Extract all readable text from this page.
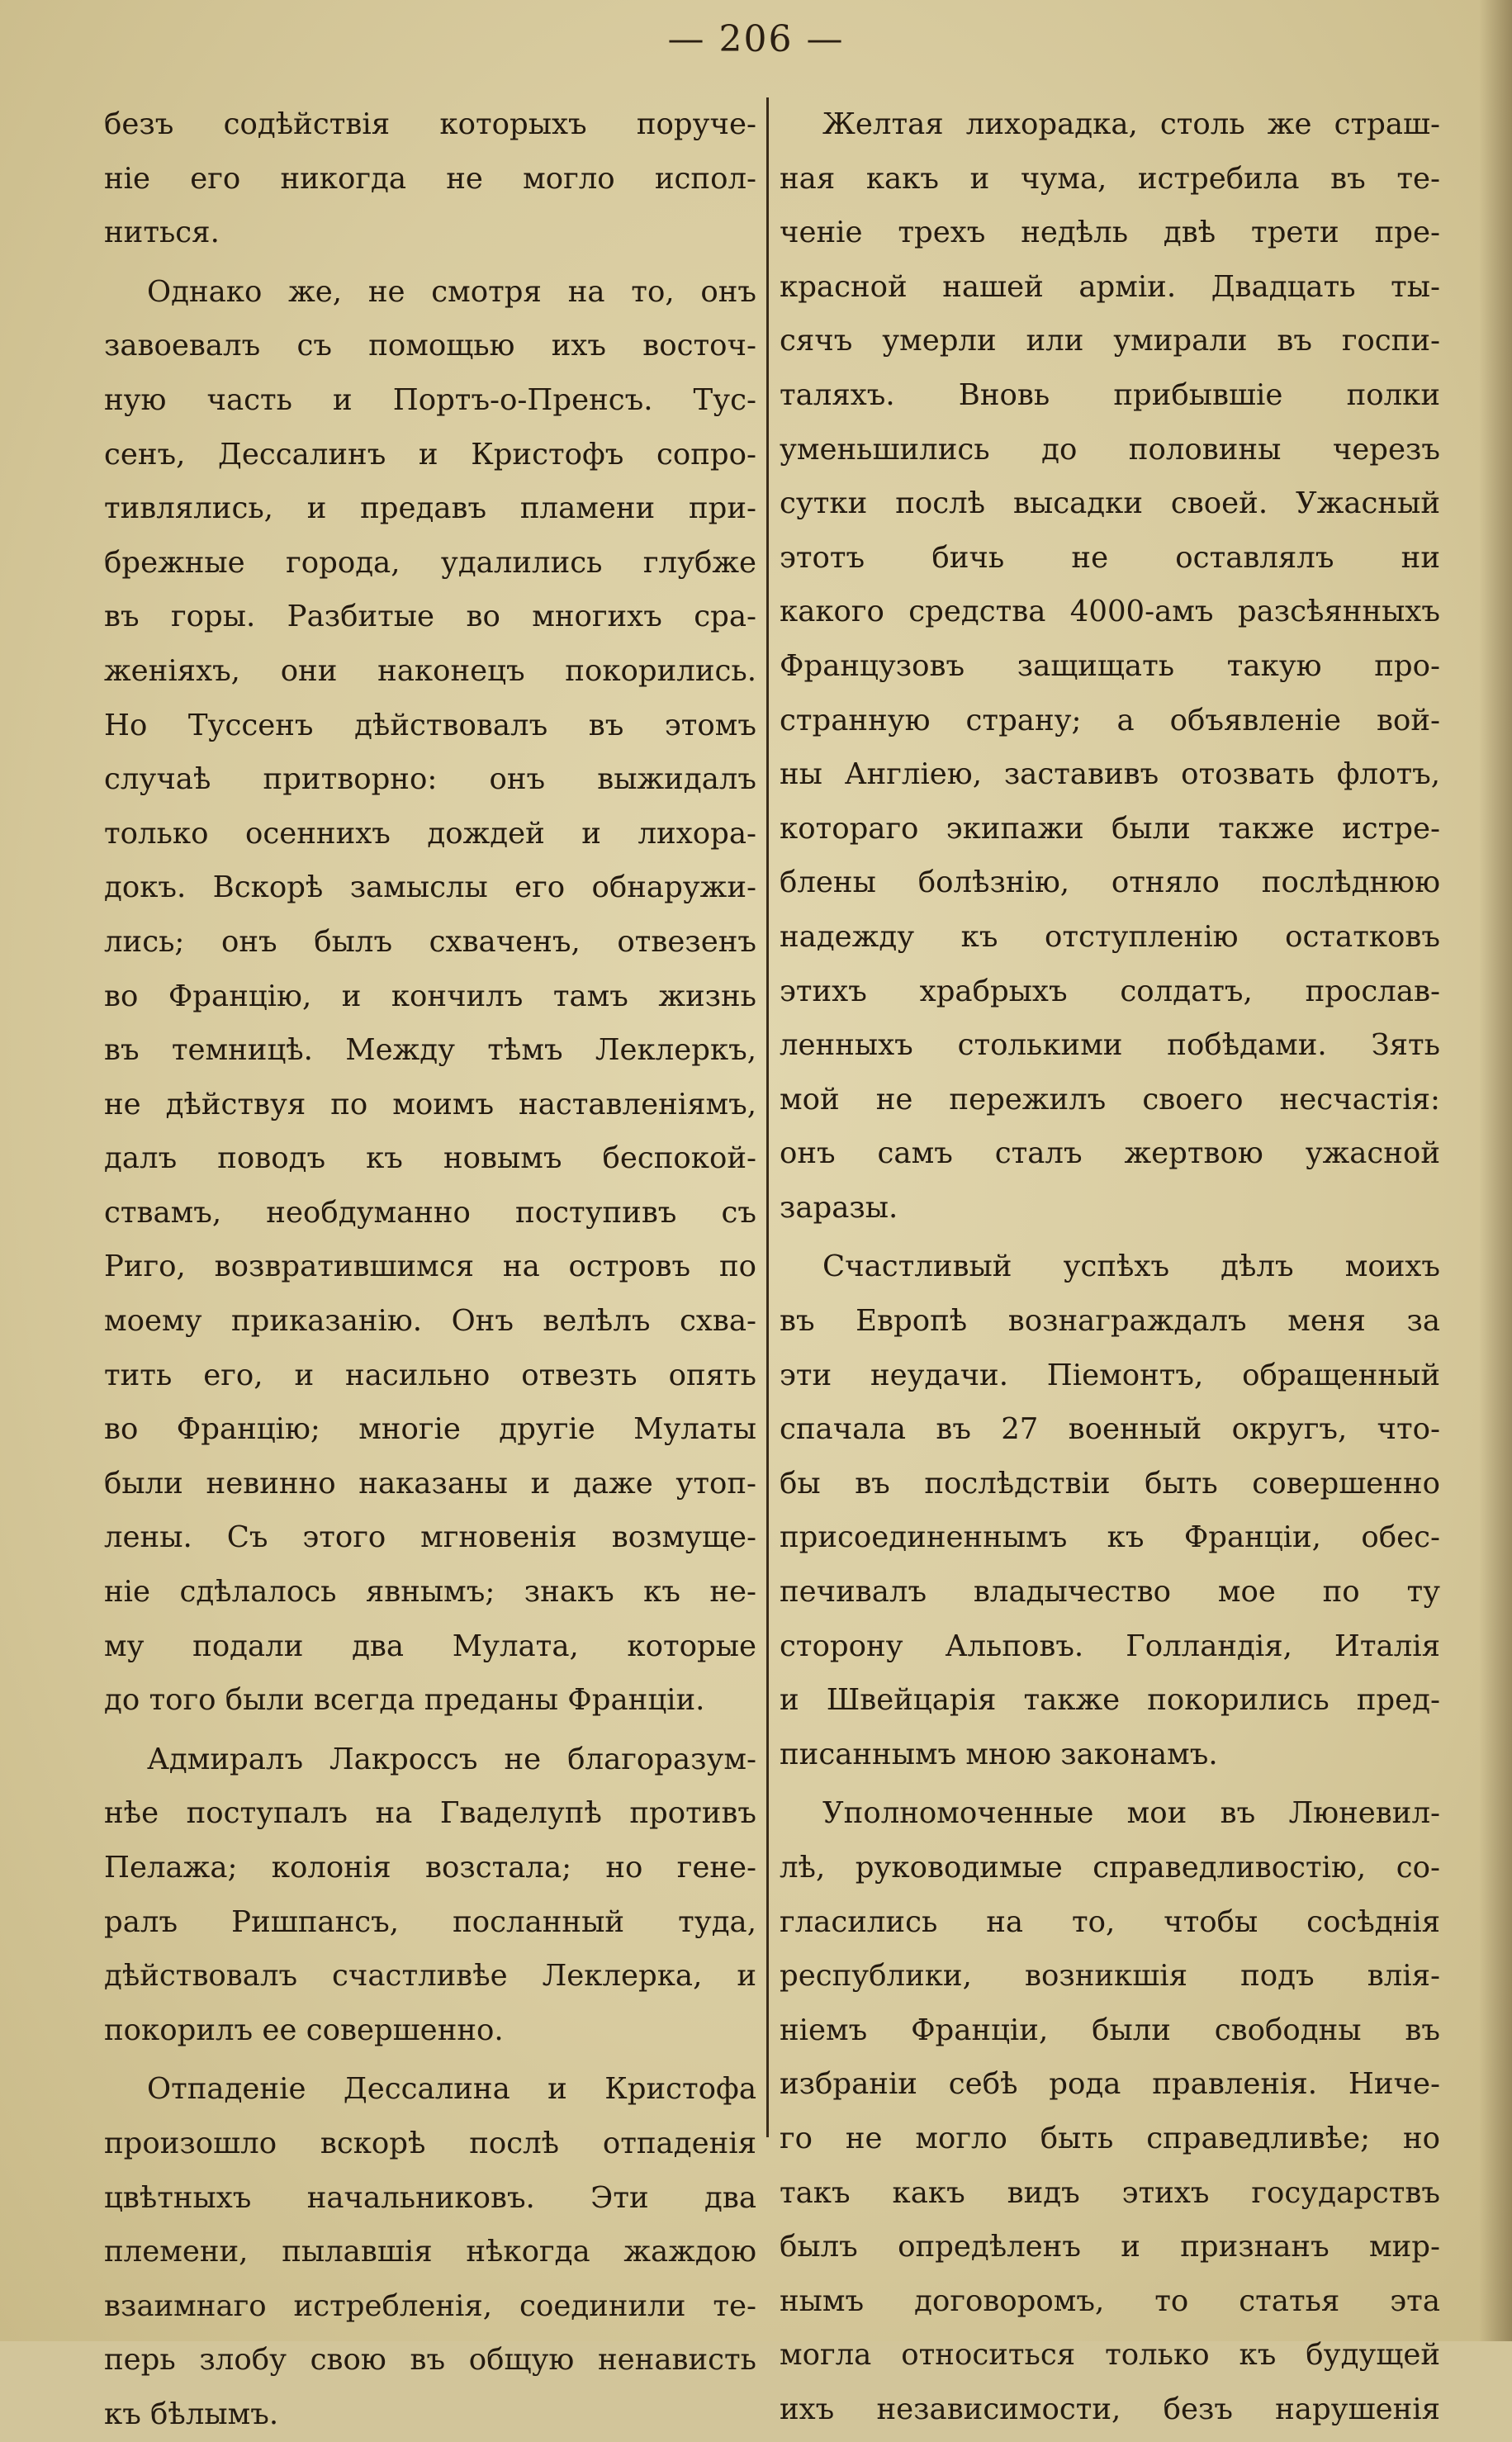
— 206 —
безъ содѣйствія которыхъ поруче-
ніе его никогда не могло испол-
ниться.
Однако же, не смотря на то, онъ
завоевалъ съ помощью ихъ восточ-
ную часть и Портъ-о-Пренсъ. Тус-
сенъ, Дессалинъ и Кристофъ сопро-
тивлялись, и предавъ пламени при-
брежные города, удалились глубже
въ горы. Разбитые во многихъ сра-
женіяхъ, они наконецъ покорились.
Но Туссенъ дѣйствовалъ въ этомъ
случаѣ притворно: онъ выжидалъ
только осеннихъ дождей и лихора-
докъ. Вскорѣ замыслы его обнаружи-
лись; онъ былъ схваченъ, отвезенъ
во Францію, и кончилъ тамъ жизнь
въ темницѣ. Между тѣмъ Леклеркъ,
не дѣйствуя по моимъ наставленіямъ,
далъ поводъ къ новымъ беспокой-
ствамъ, необдуманно поступивъ съ
Риго, возвратившимся на островъ по
моему приказанію. Онъ велѣлъ схва-
тить его, и насильно отвезть опять
во Францію; многіе другіе Мулаты
были невинно наказаны и даже утоп-
лены. Съ этого мгновенія возмуще-
ніе сдѣлалось явнымъ; знакъ къ не-
му подали два Мулата, которые
до того были всегда преданы Франціи.
Адмиралъ Лакроссъ не благоразум-
нѣе поступалъ на Гваделупѣ противъ
Пелажа; колонія возстала; но гене-
ралъ Ришпансъ, посланный туда,
дѣйствовалъ счастливѣе Леклерка, и
покорилъ ее совершенно.
Отпаденіе Дессалина и Кристофа
произошло вскорѣ послѣ отпаденія
цвѣтныхъ начальниковъ. Эти два
племени, пылавшія нѣкогда жаждою
взаимнаго истребленія, соединили те-
перь злобу свою въ общую ненависть
къ бѣлымъ.
Желтая лихорадка, столь же страш-
ная какъ и чума, истребила въ те-
ченіе трехъ недѣль двѣ трети пре-
красной нашей арміи. Двадцать ты-
сячъ умерли или умирали въ госпи-
таляхъ. Вновь прибывшіе полки
уменьшились до половины черезъ
сутки послѣ высадки своей. Ужасный
этотъ бичь не оставлялъ ни
какого средства 4000-амъ разсѣянныхъ
Французовъ защищать такую про-
странную страну; а объявленіе вой-
ны Англіею, заставивъ отозвать флотъ,
котораго экипажи были также истре-
блены болѣзнію, отняло послѣднюю
надежду къ отступленію остатковъ
этихъ храбрыхъ солдатъ, прослав-
ленныхъ столькими побѣдами. Зять
мой не пережилъ своего несчастія:
онъ самъ сталъ жертвою ужасной
заразы.
Счастливый успѣхъ дѣлъ моихъ
въ Европѣ вознаграждалъ меня за
эти неудачи. Піемонтъ, обращенный
спачала въ 27 военный округъ, что-
бы въ послѣдствіи быть совершенно
присоединеннымъ къ Франціи, обес-
печивалъ владычество мое по ту
сторону Альповъ. Голландія, Италія
и Швейцарія также покорились пред-
писаннымъ мною законамъ.
Уполномоченные мои въ Люневил-
лѣ, руководимые справедливостію, со-
гласились на то, чтобы сосѣднія
республики, возникшія подъ влія-
ніемъ Франціи, были свободны въ
избраніи себѣ рода правленія. Ниче-
го не могло быть справедливѣе; но
такъ какъ видъ этихъ государствъ
былъ опредѣленъ и признанъ мир-
нымъ договоромъ, то статья эта
могла относиться только къ будущей
ихъ независимости, безъ нарушенія
